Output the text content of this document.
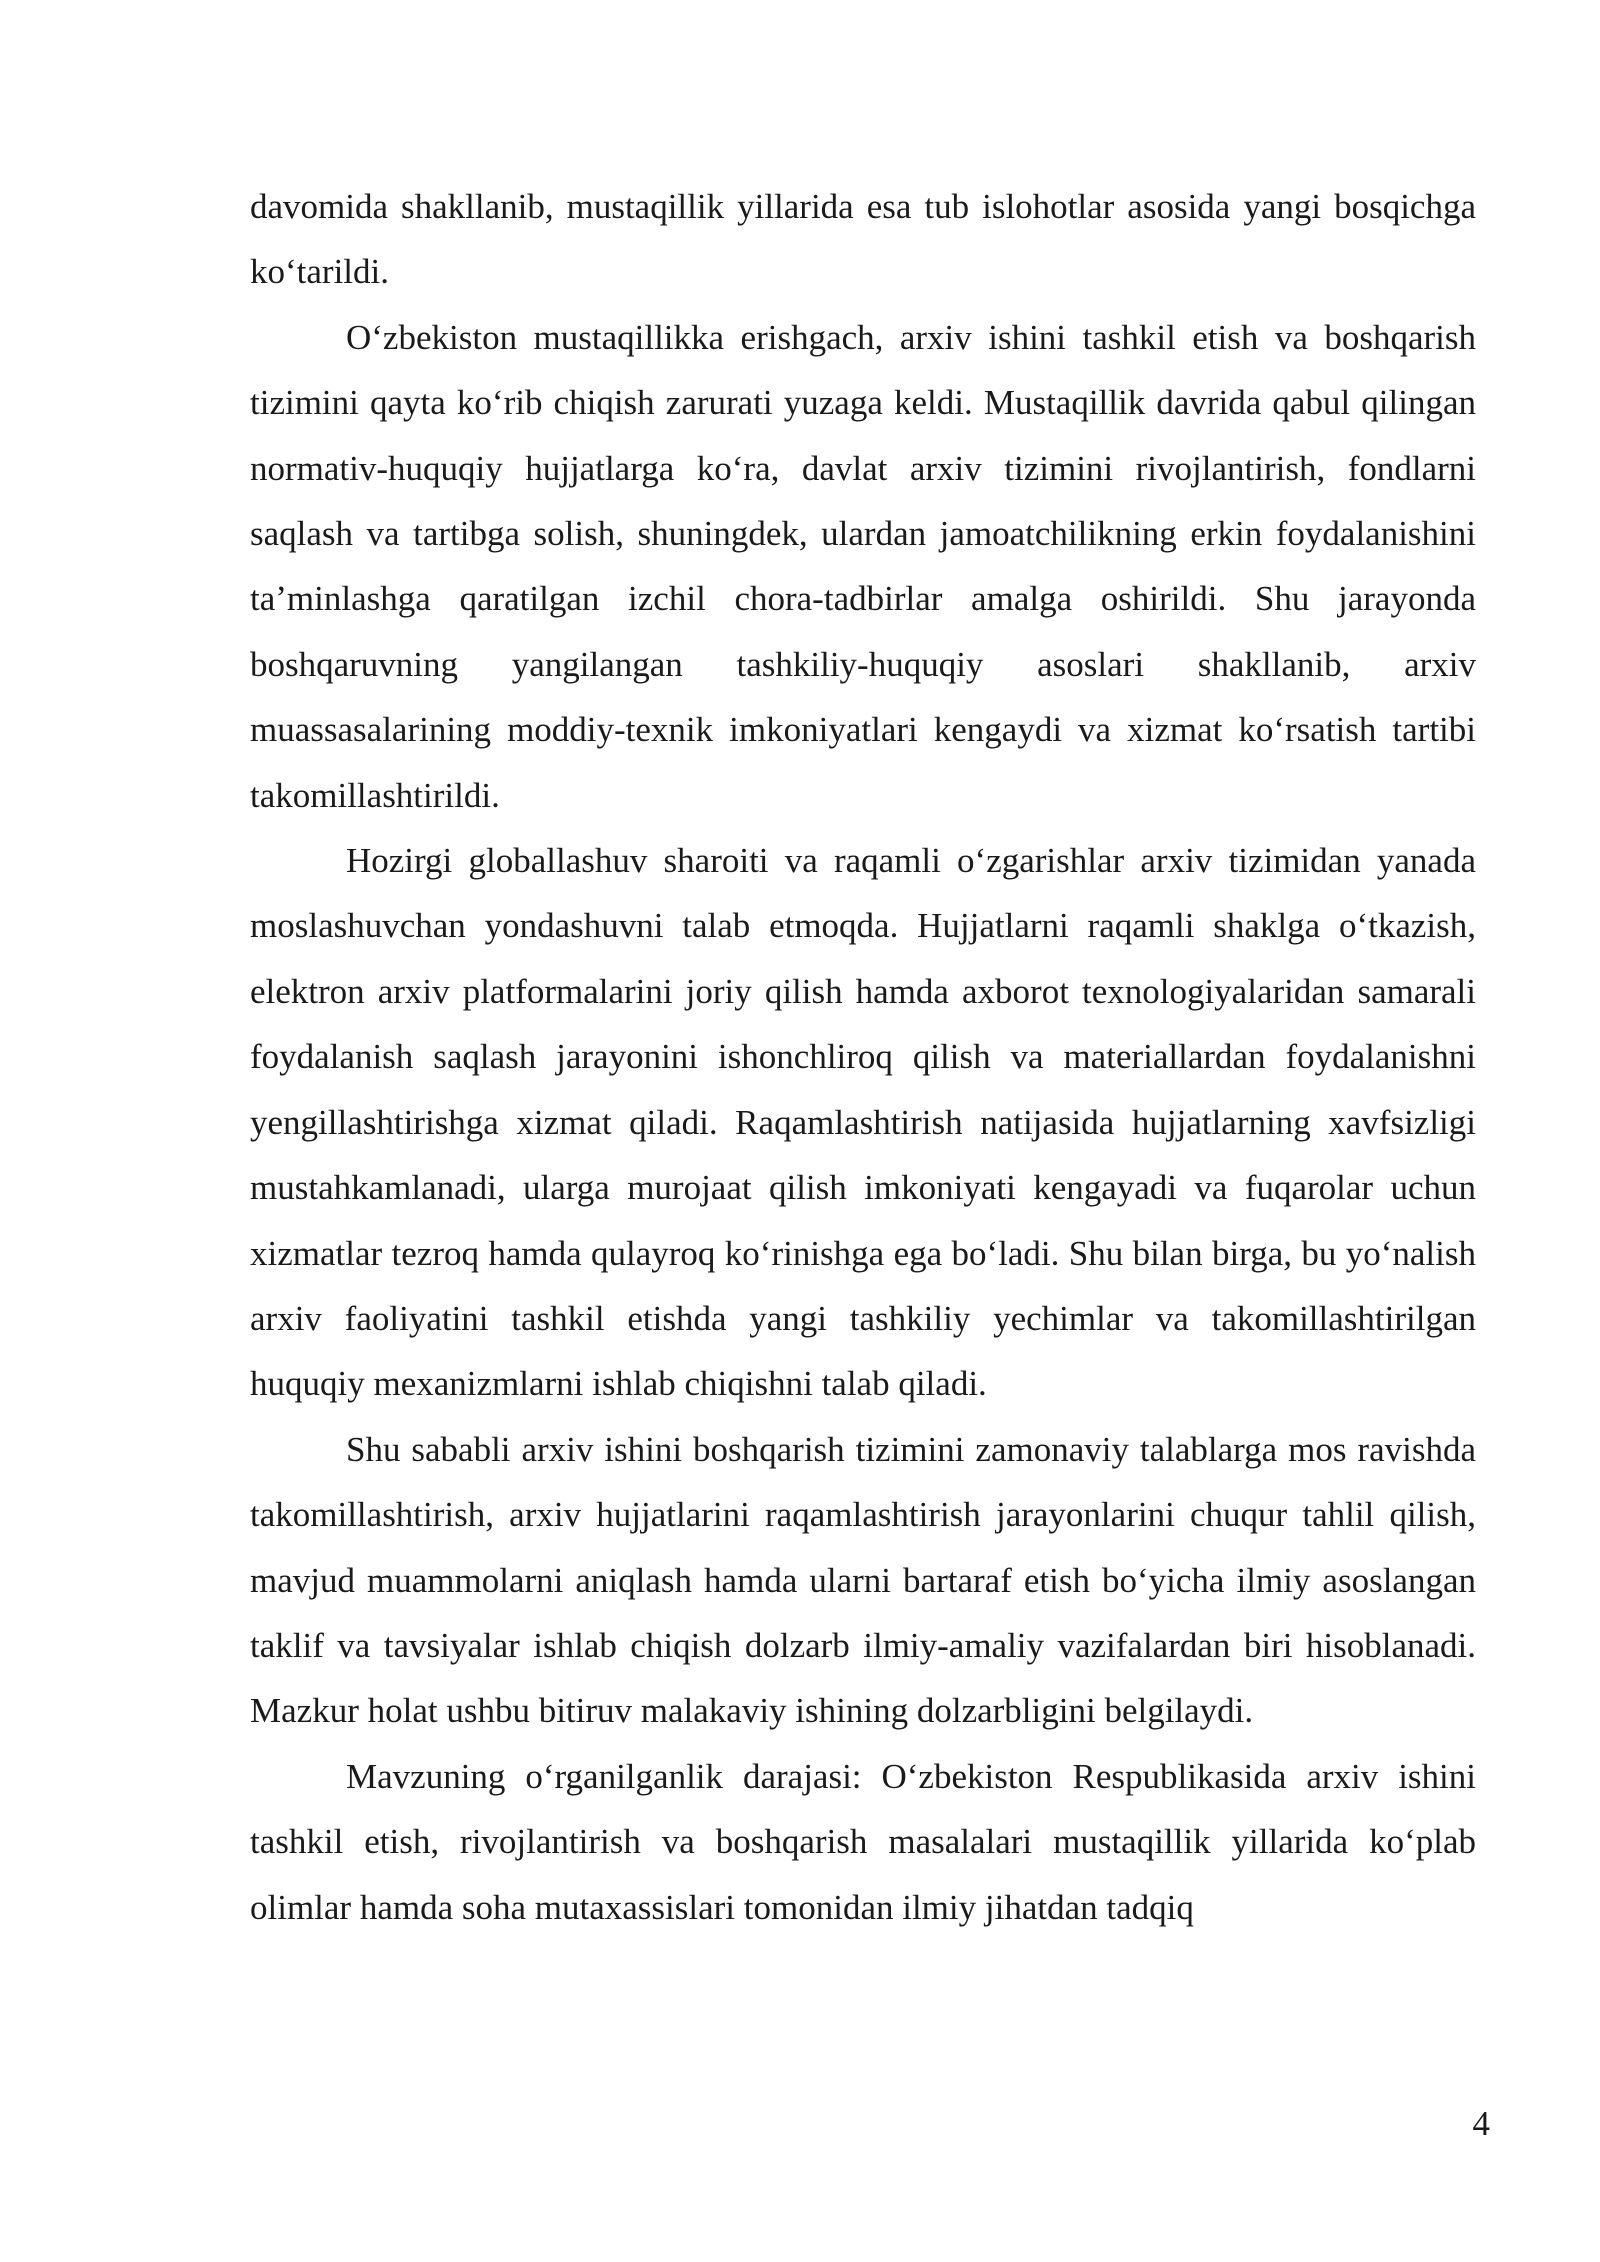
davomida shakllanib, mustaqillik yillarida esa tub islohotlar asosida yangi bosqichga koʻtarildi.

Oʻzbekiston mustaqillikka erishgach, arxiv ishini tashkil etish va boshqarish tizimini qayta koʻrib chiqish zarurati yuzaga keldi. Mustaqillik davrida qabul qilingan normativ-huquqiy hujjatlarga koʻra, davlat arxiv tizimini rivojlantirish, fondlarni saqlash va tartibga solish, shuningdek, ulardan jamoatchilikning erkin foydalanishini taʼminlashga qaratilgan izchil chora-tadbirlar amalga oshirildi. Shu jarayonda boshqaruvning yangilangan tashkiliy-huquqiy asoslari shakllanib, arxiv muassasalarining moddiy-texnik imkoniyatlari kengaydi va xizmat koʻrsatish tartibi takomillashtirildi.

Hozirgi globallashuv sharoiti va raqamli oʻzgarishlar arxiv tizimidan yanada moslashuvchan yondashuvni talab etmoqda. Hujjatlarni raqamli shaklga oʻtkazish, elektron arxiv platformalarini joriy qilish hamda axborot texnologiyalaridan samarali foydalanish saqlash jarayonini ishonchliroq qilish va materiallardan foydalanishni yengillashtirishga xizmat qiladi. Raqamlashtirish natijasida hujjatlarning xavfsizligi mustahkamlanadi, ularga murojaat qilish imkoniyati kengayadi va fuqarolar uchun xizmatlar tezroq hamda qulayroq koʻrinishga ega boʻladi. Shu bilan birga, bu yoʻnalish arxiv faoliyatini tashkil etishda yangi tashkiliy yechimlar va takomillashtirilgan huquqiy mexanizmlarni ishlab chiqishni talab qiladi.

Shu sababli arxiv ishini boshqarish tizimini zamonaviy talablarga mos ravishda takomillashtirish, arxiv hujjatlarini raqamlashtirish jarayonlarini chuqur tahlil qilish, mavjud muammolarni aniqlash hamda ularni bartaraf etish boʻyicha ilmiy asoslangan taklif va tavsiyalar ishlab chiqish dolzarb ilmiy-amaliy vazifalardan biri hisoblanadi. Mazkur holat ushbu bitiruv malakaviy ishining dolzarbligini belgilaydi.

Mavzuning oʻrganilganlik darajasi: Oʻzbekiston Respublikasida arxiv ishini tashkil etish, rivojlantirish va boshqarish masalalari mustaqillik yillarida koʻplab olimlar hamda soha mutaxassislari tomonidan ilmiy jihatdan tadqiq

4
